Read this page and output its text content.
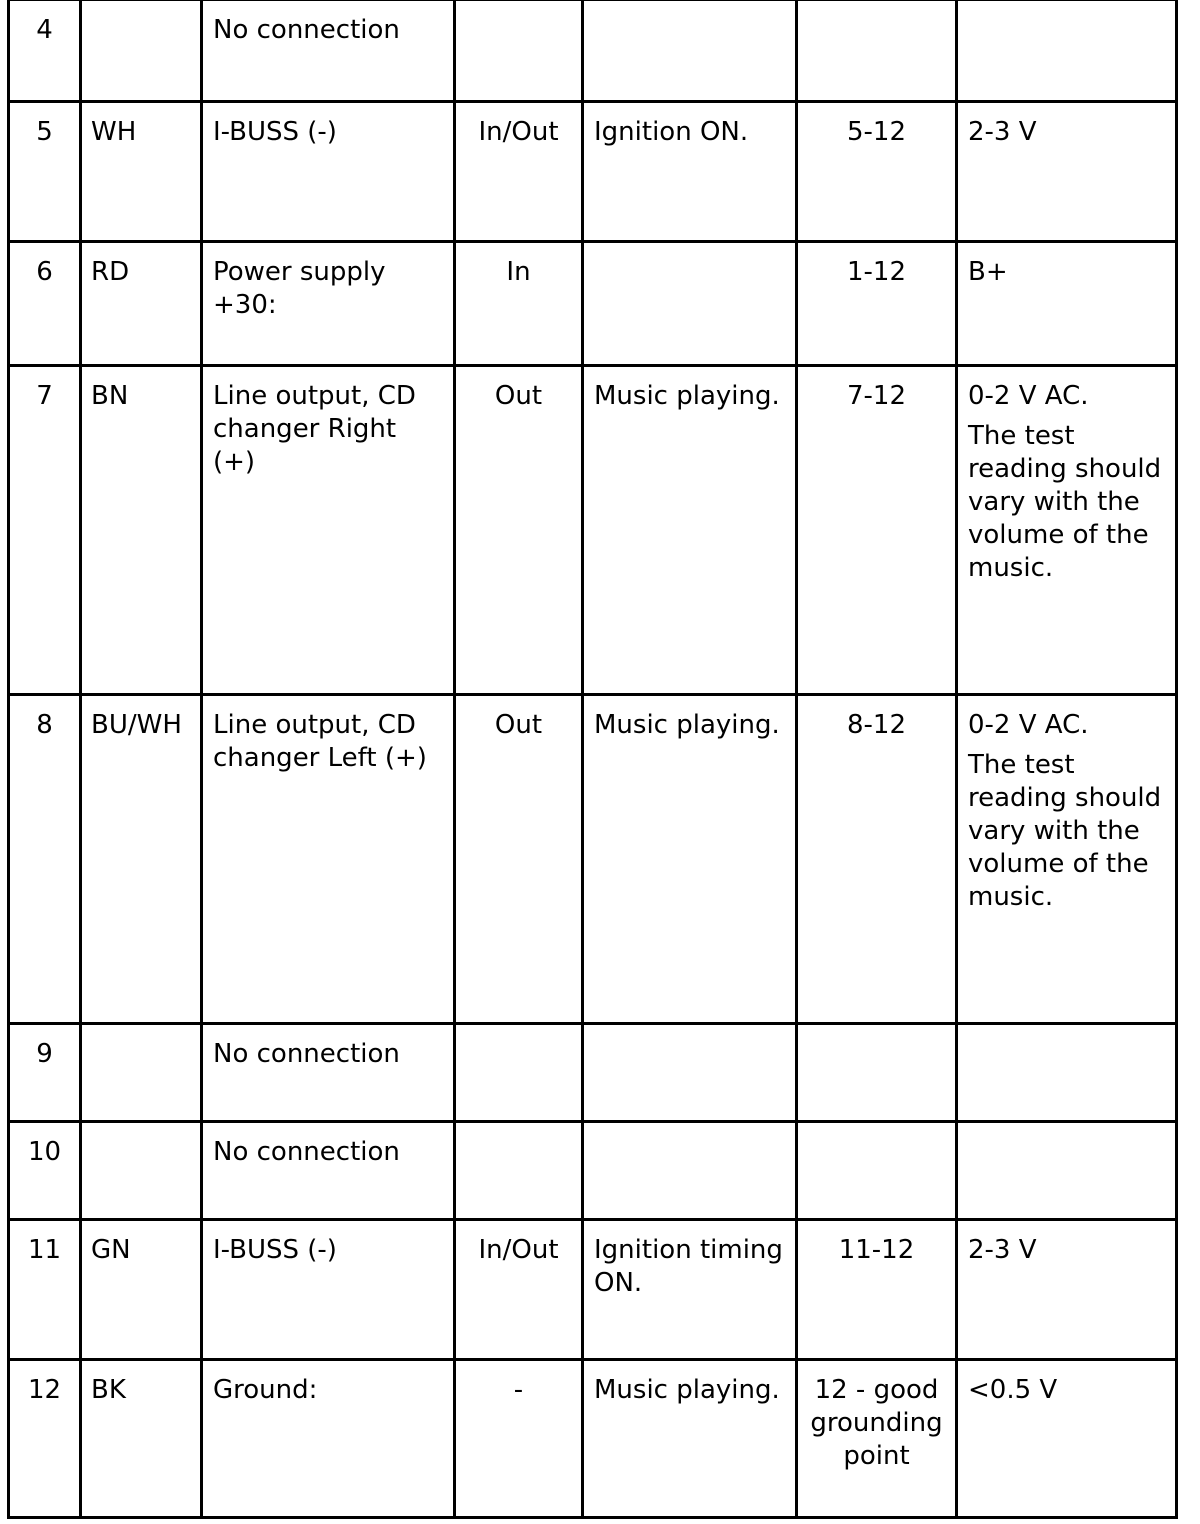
4		No connection				

5	WH	I-BUSS (-)	In/Out	Ignition ON.	5-12	2-3 V

6	RD	Power supply +30:	In		1-12	B+

7	BN	Line output, CD changer Right (+)	Out	Music playing.	7-12	0-2 V AC.
The test reading should vary with the volume of the music.

8	BU/WH	Line output, CD changer Left (+)	Out	Music playing.	8-12	0-2 V AC.
The test reading should vary with the volume of the music.

9		No connection				

10		No connection				

11	GN	I-BUSS (-)	In/Out	Ignition timing ON.	11-12	2-3 V

12	BK	Ground:	-	Music playing.	12 - good grounding point	<0.5 V
